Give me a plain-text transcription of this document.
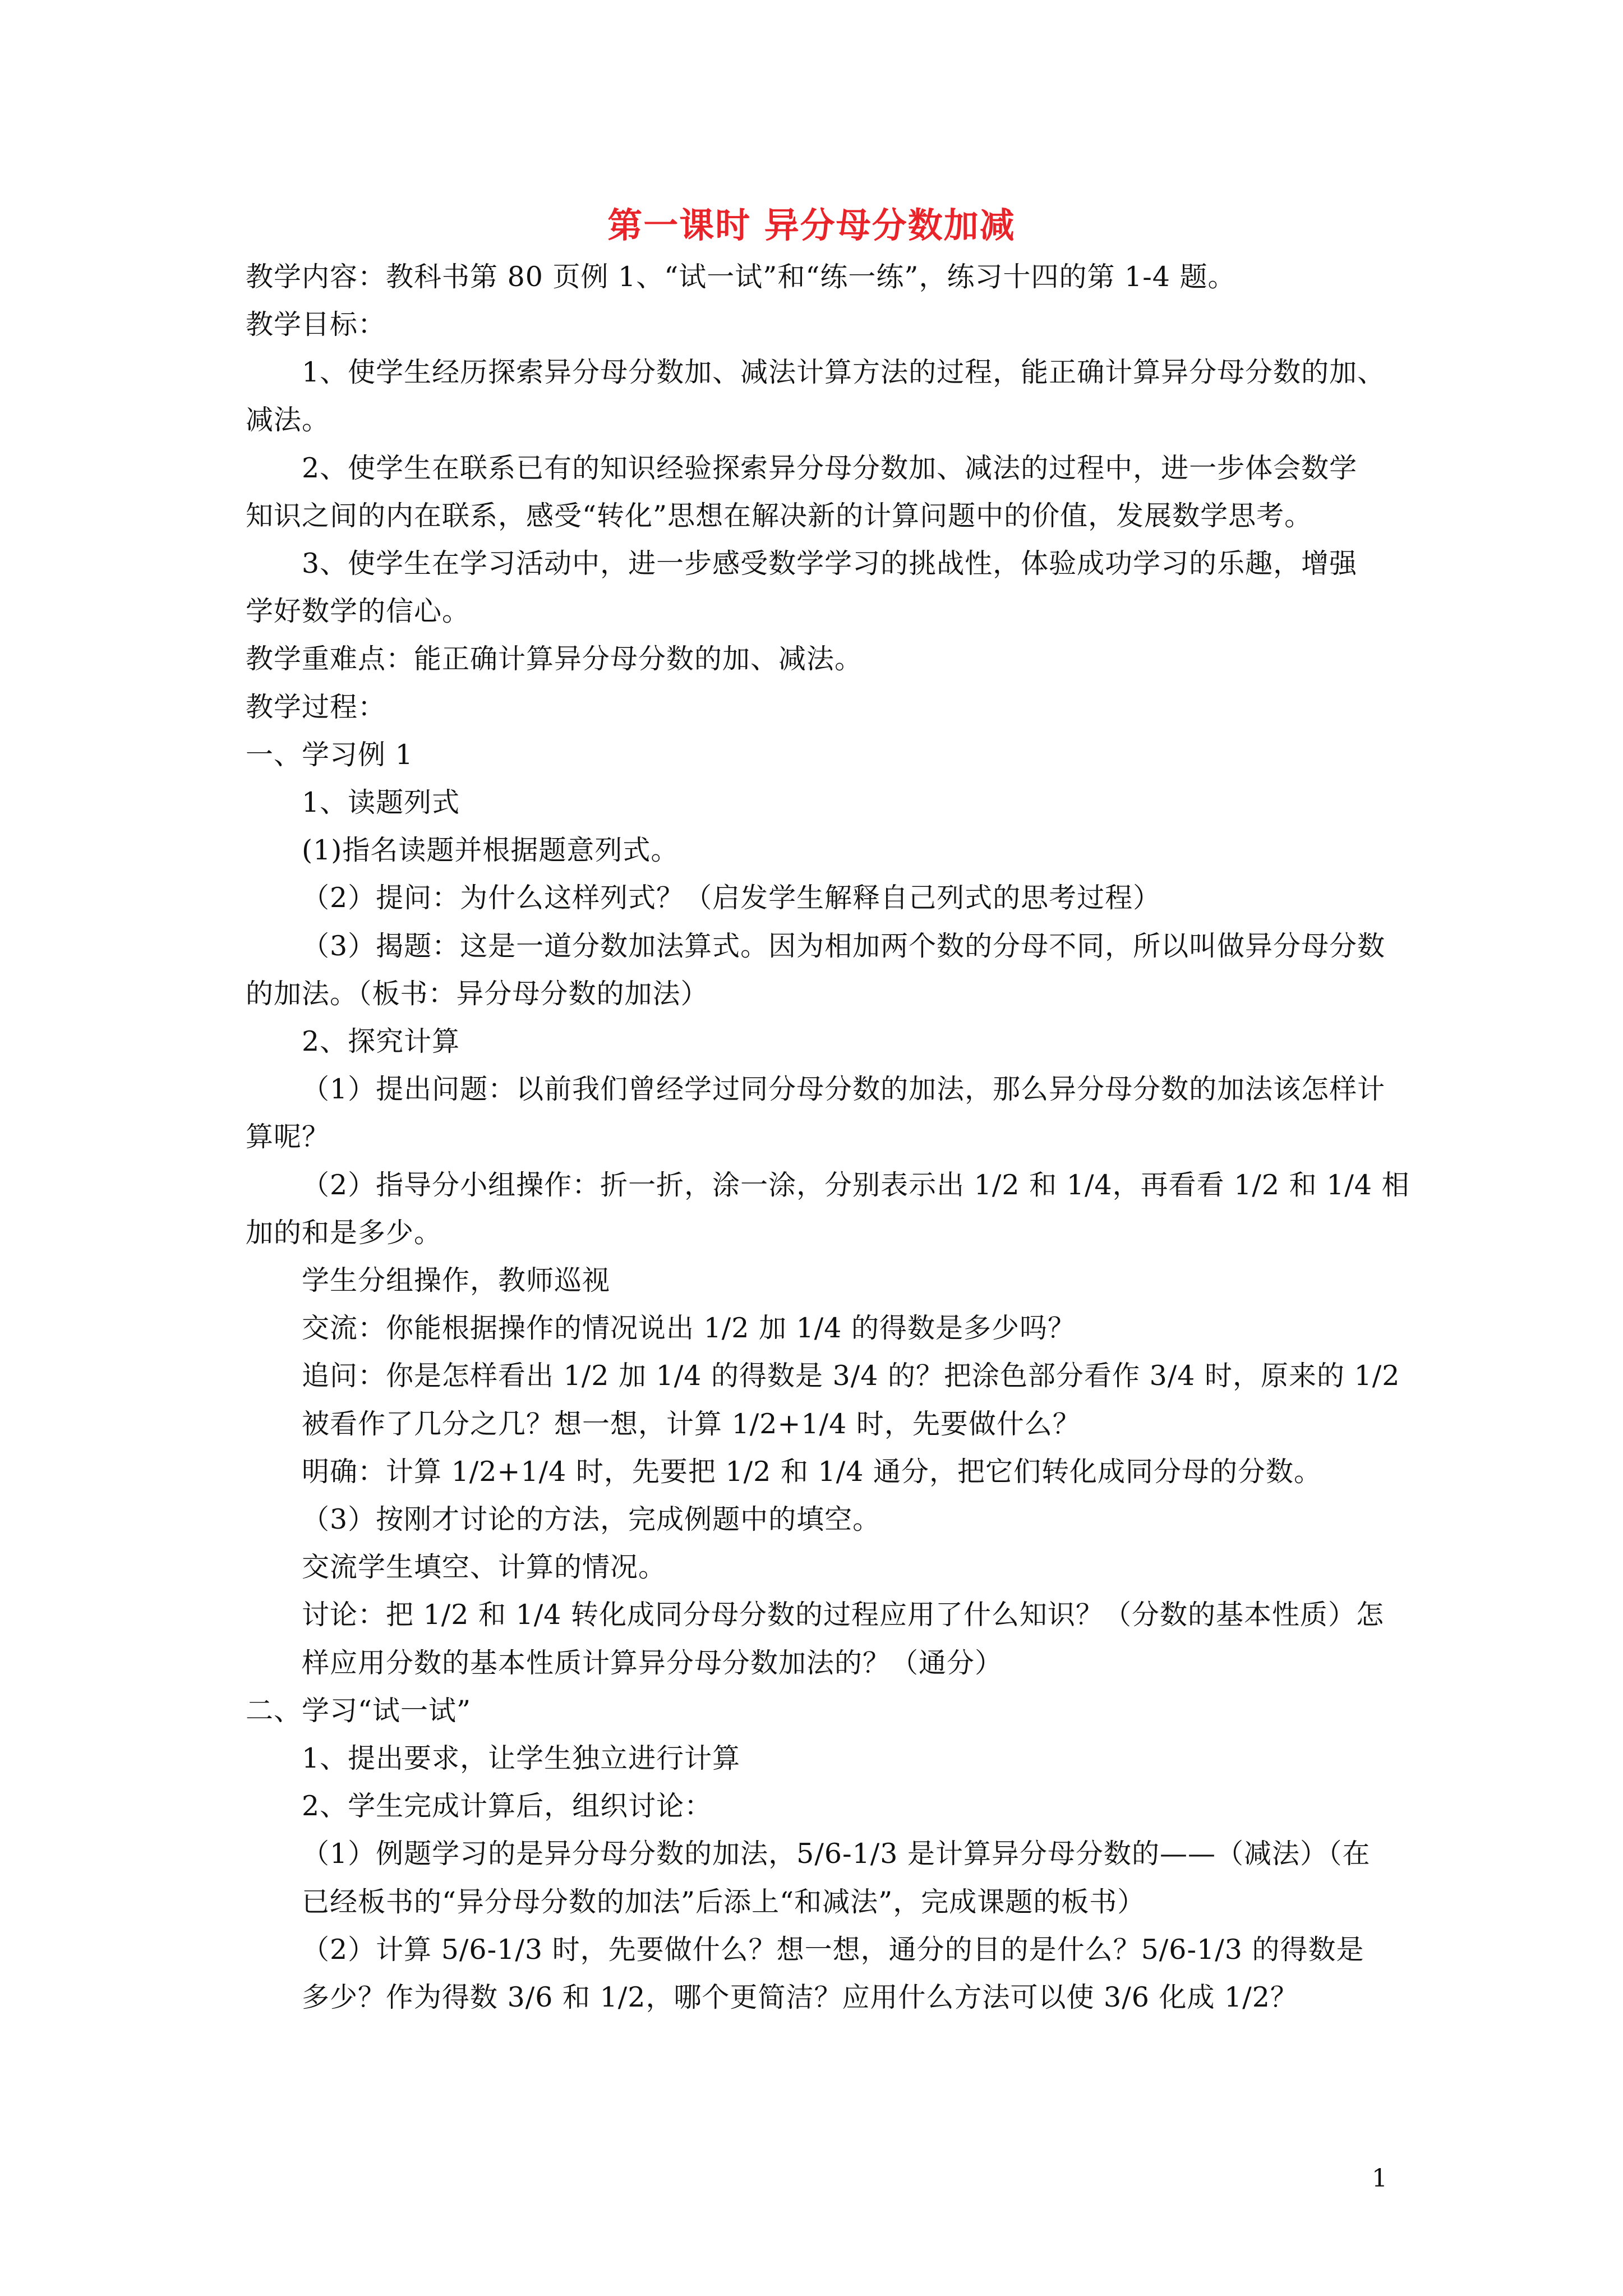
第一课时 异分母分数加减
教学内容：教科书第 80 页例 1、“试一试”和“练一练”，练习十四的第 1-4 题。
教学目标：
1、使学生经历探索异分母分数加、减法计算方法的过程，能正确计算异分母分数的加、
减法。
2、使学生在联系已有的知识经验探索异分母分数加、减法的过程中，进一步体会数学
知识之间的内在联系，感受“转化”思想在解决新的计算问题中的价值，发展数学思考。
3、使学生在学习活动中，进一步感受数学学习的挑战性，体验成功学习的乐趣，增强
学好数学的信心。
教学重难点：能正确计算异分母分数的加、减法。
教学过程：
一、学习例 1
1、读题列式
(1)指名读题并根据题意列式。
（2）提问：为什么这样列式？（启发学生解释自己列式的思考过程）
（3）揭题：这是一道分数加法算式。因为相加两个数的分母不同，所以叫做异分母分数
的加法。（板书：异分母分数的加法）
2、探究计算
（1）提出问题：以前我们曾经学过同分母分数的加法，那么异分母分数的加法该怎样计
算呢？
（2）指导分小组操作：折一折，涂一涂，分别表示出 1/2 和 1/4，再看看 1/2 和 1/4 相
加的和是多少。
学生分组操作，教师巡视
交流：你能根据操作的情况说出 1/2 加 1/4 的得数是多少吗？
追问：你是怎样看出 1/2 加 1/4 的得数是 3/4 的？把涂色部分看作 3/4 时，原来的 1/2
被看作了几分之几？想一想，计算 1/2+1/4 时，先要做什么？
明确：计算 1/2+1/4 时，先要把 1/2 和 1/4 通分，把它们转化成同分母的分数。
（3）按刚才讨论的方法，完成例题中的填空。
交流学生填空、计算的情况。
讨论：把 1/2 和 1/4 转化成同分母分数的过程应用了什么知识？（分数的基本性质）怎
样应用分数的基本性质计算异分母分数加法的？（通分）
二、学习“试一试”
1、提出要求，让学生独立进行计算
2、学生完成计算后，组织讨论：
（1）例题学习的是异分母分数的加法，5/6-1/3 是计算异分母分数的——（减法）（在
已经板书的“异分母分数的加法”后添上“和减法”，完成课题的板书）
（2）计算 5/6-1/3 时，先要做什么？想一想，通分的目的是什么？5/6-1/3 的得数是
多少？作为得数 3/6 和 1/2，哪个更简洁？应用什么方法可以使 3/6 化成 1/2？
1
